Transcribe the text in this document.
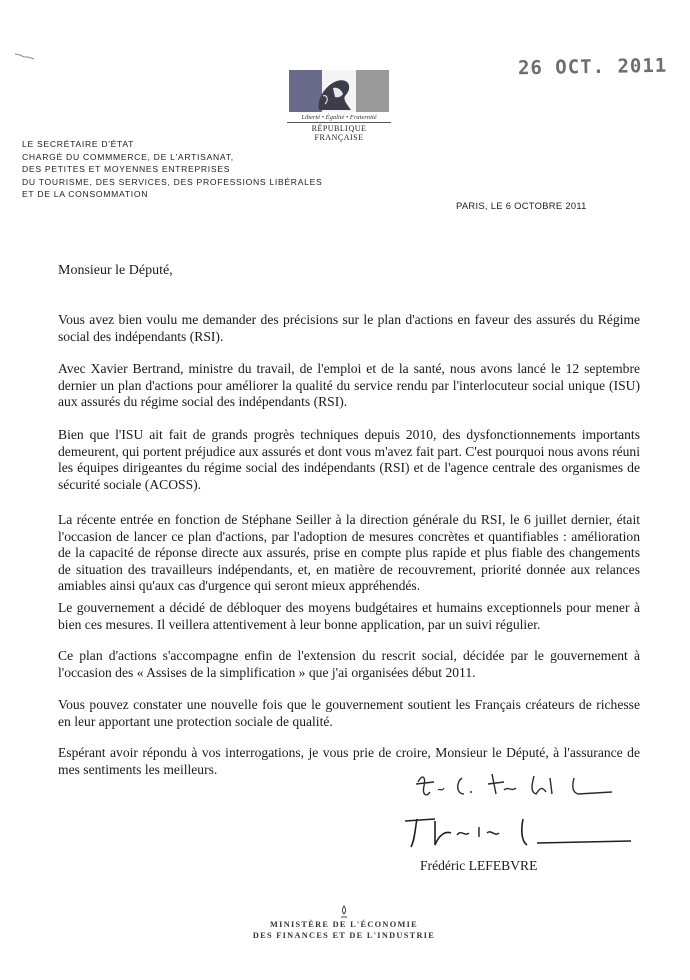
26 OCT. 2011
Liberté • Égalité • Fraternité
RÉPUBLIQUE FRANÇAISE
LE SECRÉTAIRE D'ÉTAT
CHARGÉ DU COMMMERCE, DE L'ARTISANAT,
DES PETITES ET MOYENNES ENTREPRISES
DU TOURISME, DES SERVICES, DES PROFESSIONS LIBÉRALES
ET DE LA CONSOMMATION
PARIS, LE 6 OCTOBRE 2011
Monsieur le Député,
Vous avez bien voulu me demander des précisions sur le plan d'actions en faveur des assurés du Régime social des indépendants (RSI).
Avec Xavier Bertrand, ministre du travail, de l'emploi et de la santé, nous avons lancé le 12 septembre dernier un plan d'actions pour améliorer la qualité du service rendu par l'interlocuteur social unique (ISU) aux assurés du régime social des indépendants (RSI).
Bien que l'ISU ait fait de grands progrès techniques depuis 2010, des dysfonctionnements importants demeurent, qui portent préjudice aux assurés et dont vous m'avez fait part. C'est pourquoi nous avons réuni les équipes dirigeantes du régime social des indépendants (RSI) et de l'agence centrale des organismes de sécurité sociale (ACOSS).
La récente entrée en fonction de Stéphane Seiller à la direction générale du RSI, le 6 juillet dernier, était l'occasion de lancer ce plan d'actions, par l'adoption de mesures concrètes et quantifiables : amélioration de la capacité de réponse directe aux assurés, prise en compte plus rapide et plus fiable des changements de situation des travailleurs indépendants, et, en matière de recouvrement, priorité donnée aux relances amiables ainsi qu'aux cas d'urgence qui seront mieux appréhendés.
Le gouvernement a décidé de débloquer des moyens budgétaires et humains exceptionnels pour mener à bien ces mesures. Il veillera attentivement à leur bonne application, par un suivi régulier.
Ce plan d'actions s'accompagne enfin de l'extension du rescrit social, décidée par le gouvernement à l'occasion des « Assises de la simplification » que j'ai organisées début 2011.
Vous pouvez constater une nouvelle fois que le gouvernement soutient les Français créateurs de richesse en leur apportant une protection sociale de qualité.
Espérant avoir répondu à vos interrogations, je vous prie de croire, Monsieur le Député, à l'assurance de mes sentiments les meilleurs.
Frédéric LEFEBVRE
MINISTÈRE DE L'ÉCONOMIE
DES FINANCES ET DE L'INDUSTRIE
